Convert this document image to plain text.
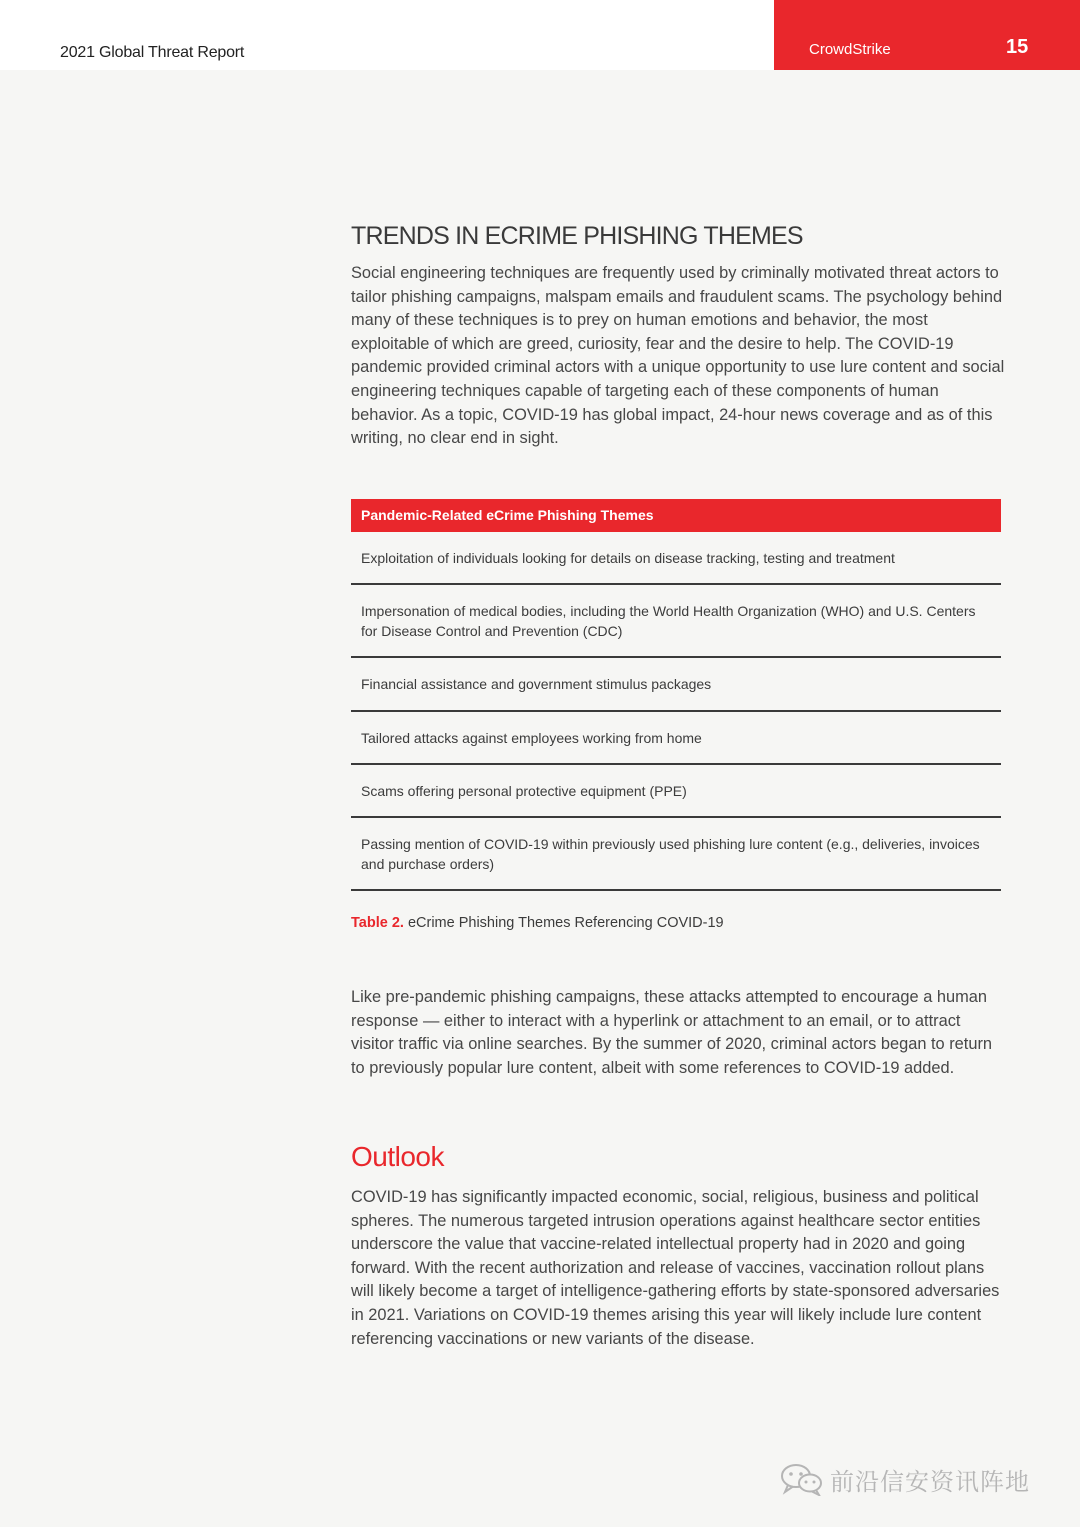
2021 Global Threat Report	CrowdStrike	15
TRENDS IN ECRIME PHISHING THEMES

Social engineering techniques are frequently used by criminally motivated threat actors to tailor phishing campaigns, malspam emails and fraudulent scams. The psychology behind many of these techniques is to prey on human emotions and behavior, the most exploitable of which are greed, curiosity, fear and the desire to help. The COVID-19 pandemic provided criminal actors with a unique opportunity to use lure content and social engineering techniques capable of targeting each of these components of human behavior. As a topic, COVID-19 has global impact, 24-hour news coverage and as of this writing, no clear end in sight.

Pandemic-Related eCrime Phishing Themes
Exploitation of individuals looking for details on disease tracking, testing and treatment
Impersonation of medical bodies, including the World Health Organization (WHO) and U.S. Centers for Disease Control and Prevention (CDC)
Financial assistance and government stimulus packages
Tailored attacks against employees working from home
Scams offering personal protective equipment (PPE)
Passing mention of COVID-19 within previously used phishing lure content (e.g., deliveries, invoices and purchase orders)
Table 2. eCrime Phishing Themes Referencing COVID-19

Like pre-pandemic phishing campaigns, these attacks attempted to encourage a human response — either to interact with a hyperlink or attachment to an email, or to attract visitor traffic via online searches. By the summer of 2020, criminal actors began to return to previously popular lure content, albeit with some references to COVID-19 added.

Outlook

COVID-19 has significantly impacted economic, social, religious, business and political spheres. The numerous targeted intrusion operations against healthcare sector entities underscore the value that vaccine-related intellectual property had in 2020 and going forward. With the recent authorization and release of vaccines, vaccination rollout plans will likely become a target of intelligence-gathering efforts by state-sponsored adversaries in 2021. Variations on COVID-19 themes arising this year will likely include lure content referencing vaccinations or new variants of the disease.

前沿信安资讯阵地
